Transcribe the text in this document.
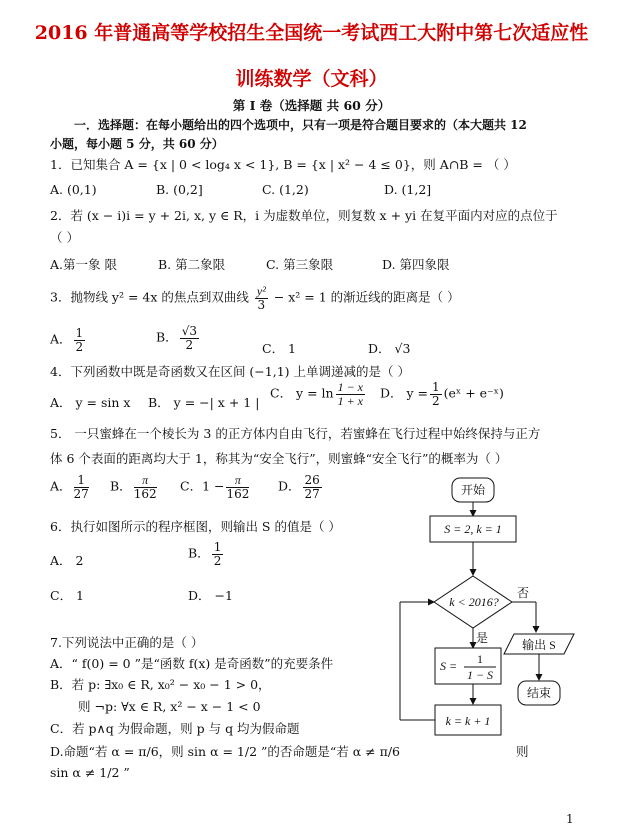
2016 年普通高等学校招生全国统一考试西工大附中第七次适应性
训练数学（文科）
第 I 卷（选择题 共 60 分）
一．选择题：在每小题给出的四个选项中，只有一项是符合题目要求的（本大题共 12
小题，每小题 5 分，共 60 分）
1．已知集合 A = {x | 0 < log₄ x < 1}, B = {x | x² − 4 ≤ 0}，则 A∩B = （ ）
A. (0,1)	B. (0,2]	C. (1,2)	D. (1,2]
2．若 (x − i)i = y + 2i, x, y ∈ R，i 为虚数单位，则复数 x + yi 在复平面内对应的点位于
（ ）
A.第一象 限	B. 第二象限	C. 第三象限	D. 第四象限
3．抛物线 y² = 4x 的焦点到双曲线 $\frac{\text{y²}}{3} - x^2 = 1$ 的渐近线的距离是（ ）
A． $\frac{1}{2}$	B． $\frac{√3}{2}$	C． 1	D． √3
4．下列函数中既是奇函数又在区间 (−1,1) 上单调递减的是（ ）
A． y = sin x B． y = −| x + 1 |
C． $y = \ln \frac{1 - x}{1 + x}$ D． $y = \frac{1}{2}$ (eˣ + e⁻ˣ)
5． 一只蜜蜂在一个棱长为 3 的正方体内自由飞行，若蜜蜂在飞行过程中始终保持与正方
体 6 个表面的距离均大于 1，称其为“安全飞行”，则蜜蜂“安全飞行”的概率为（ ）
A． $\frac{1}{27}$ B． $\frac{\pi}{162}$ C．$1 - \frac{\pi}{162}$ D． $\frac{26}{27}$
6．执行如图所示的程序框图，则输出 S 的值是（ ）
A． 2	B． $\frac{1}{2}$
C． 1	D． −1
开始
S = 2, k = 1
k < 2016?
否
输出 S
结束
是
S = 1
1 − S
k = k + 1
7.下列说法中正确的是（ ）
A．“ f(0) = 0 ”是“函数 f(x) 是奇函数”的充要条件
B．若 p: ∃x₀ ∈ R, x₀² − x₀ − 1 > 0，
则 ¬p: ∀x ∈ R, x² − x − 1 < 0
C．若 p∧q 为假命题，则 p 与 q 均为假命题
D.命题“若 α = π/6，则 sin α = 1/2 ”的否命题是“若 α ≠ π/6	则
sin α ≠ 1/2 ”
1
